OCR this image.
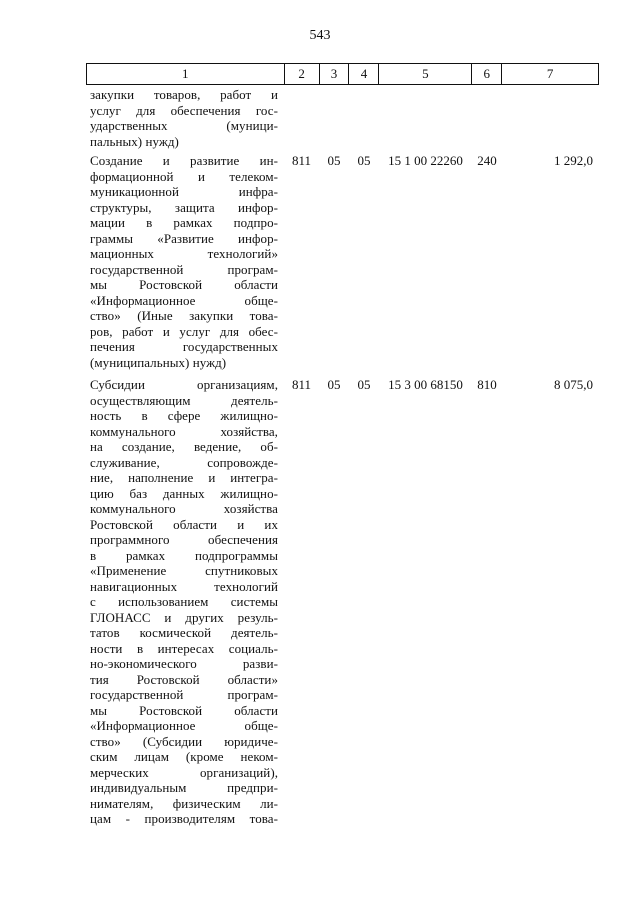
543
1	2	3	4	5	6	7
закупки товаров, работ и
услуг для обеспечения гос-
ударственных (муници-
пальных) нужд)
Создание и развитие ин-
формационной и телеком-
муникационной инфра-
структуры, защита инфор-
мации в рамках подпро-
граммы «Развитие инфор-
мационных технологий»
государственной програм-
мы Ростовской области
«Информационное обще-
ство» (Иные закупки това-
ров, работ и услуг для обес-
печения государственных
(муниципальных) нужд)
811	05	05	15 1 00 22260	240	1 292,0
Субсидии организациям,
осуществляющим деятель-
ность в сфере жилищно-
коммунального хозяйства,
на создание, ведение, об-
служивание, сопровожде-
ние, наполнение и интегра-
цию баз данных жилищно-
коммунального хозяйства
Ростовской области и их
программного обеспечения
в рамках подпрограммы
«Применение спутниковых
навигационных технологий
с использованием системы
ГЛОНАСС и других резуль-
татов космической деятель-
ности в интересах социаль-
но-экономического разви-
тия Ростовской области»
государственной програм-
мы Ростовской области
«Информационное обще-
ство» (Субсидии юридиче-
ским лицам (кроме неком-
мерческих организаций),
индивидуальным предпри-
нимателям, физическим ли-
цам - производителям това-
811	05	05	15 3 00 68150	810	8 075,0
